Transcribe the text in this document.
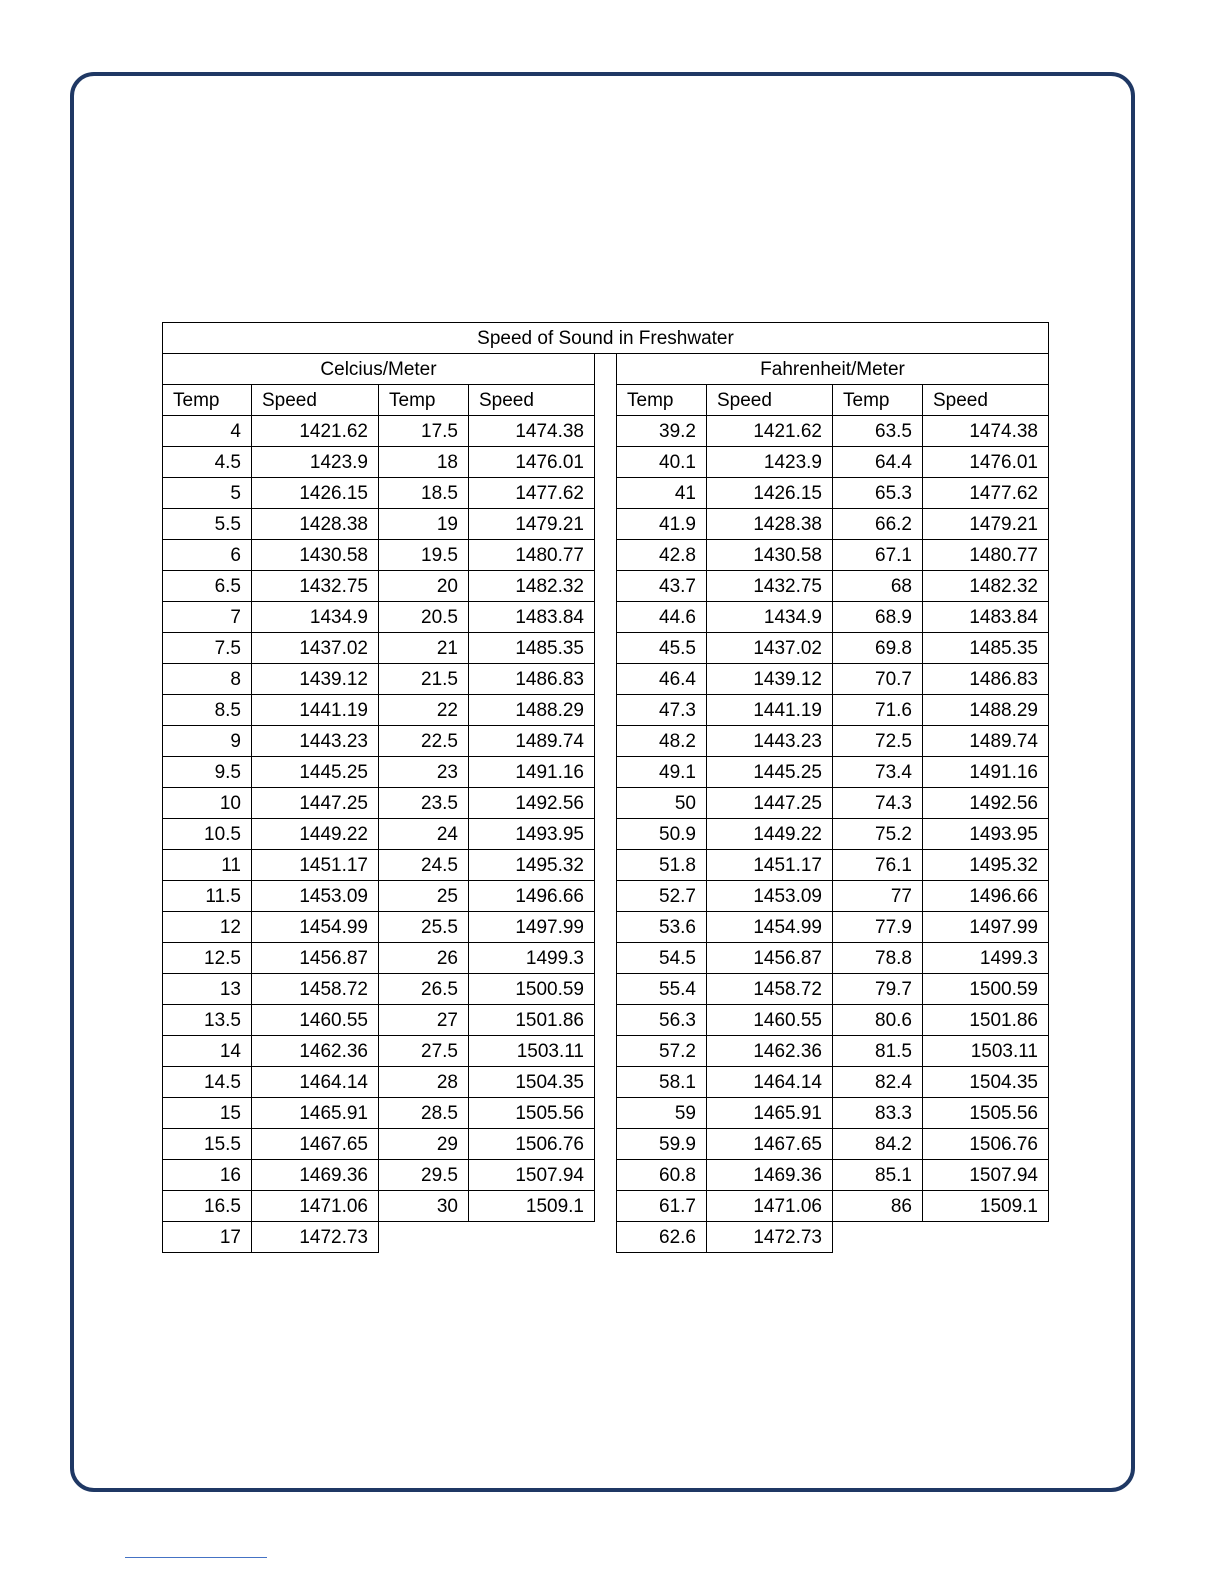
Speed of Sound in Freshwater								
Celcius/Meter					Fahrenheit/Meter			
Temp	Speed	Temp	Speed		Temp	Speed	Temp	Speed
4	1421.62	17.5	1474.38		39.2	1421.62	63.5	1474.38
4.5	1423.9	18	1476.01		40.1	1423.9	64.4	1476.01
5	1426.15	18.5	1477.62		41	1426.15	65.3	1477.62
5.5	1428.38	19	1479.21		41.9	1428.38	66.2	1479.21
6	1430.58	19.5	1480.77		42.8	1430.58	67.1	1480.77
6.5	1432.75	20	1482.32		43.7	1432.75	68	1482.32
7	1434.9	20.5	1483.84		44.6	1434.9	68.9	1483.84
7.5	1437.02	21	1485.35		45.5	1437.02	69.8	1485.35
8	1439.12	21.5	1486.83		46.4	1439.12	70.7	1486.83
8.5	1441.19	22	1488.29		47.3	1441.19	71.6	1488.29
9	1443.23	22.5	1489.74		48.2	1443.23	72.5	1489.74
9.5	1445.25	23	1491.16		49.1	1445.25	73.4	1491.16
10	1447.25	23.5	1492.56		50	1447.25	74.3	1492.56
10.5	1449.22	24	1493.95		50.9	1449.22	75.2	1493.95
11	1451.17	24.5	1495.32		51.8	1451.17	76.1	1495.32
11.5	1453.09	25	1496.66		52.7	1453.09	77	1496.66
12	1454.99	25.5	1497.99		53.6	1454.99	77.9	1497.99
12.5	1456.87	26	1499.3		54.5	1456.87	78.8	1499.3
13	1458.72	26.5	1500.59		55.4	1458.72	79.7	1500.59
13.5	1460.55	27	1501.86		56.3	1460.55	80.6	1501.86
14	1462.36	27.5	1503.11		57.2	1462.36	81.5	1503.11
14.5	1464.14	28	1504.35		58.1	1464.14	82.4	1504.35
15	1465.91	28.5	1505.56		59	1465.91	83.3	1505.56
15.5	1467.65	29	1506.76		59.9	1467.65	84.2	1506.76
16	1469.36	29.5	1507.94		60.8	1469.36	85.1	1507.94
16.5	1471.06	30	1509.1		61.7	1471.06	86	1509.1
17	1472.73				62.6	1472.73		
